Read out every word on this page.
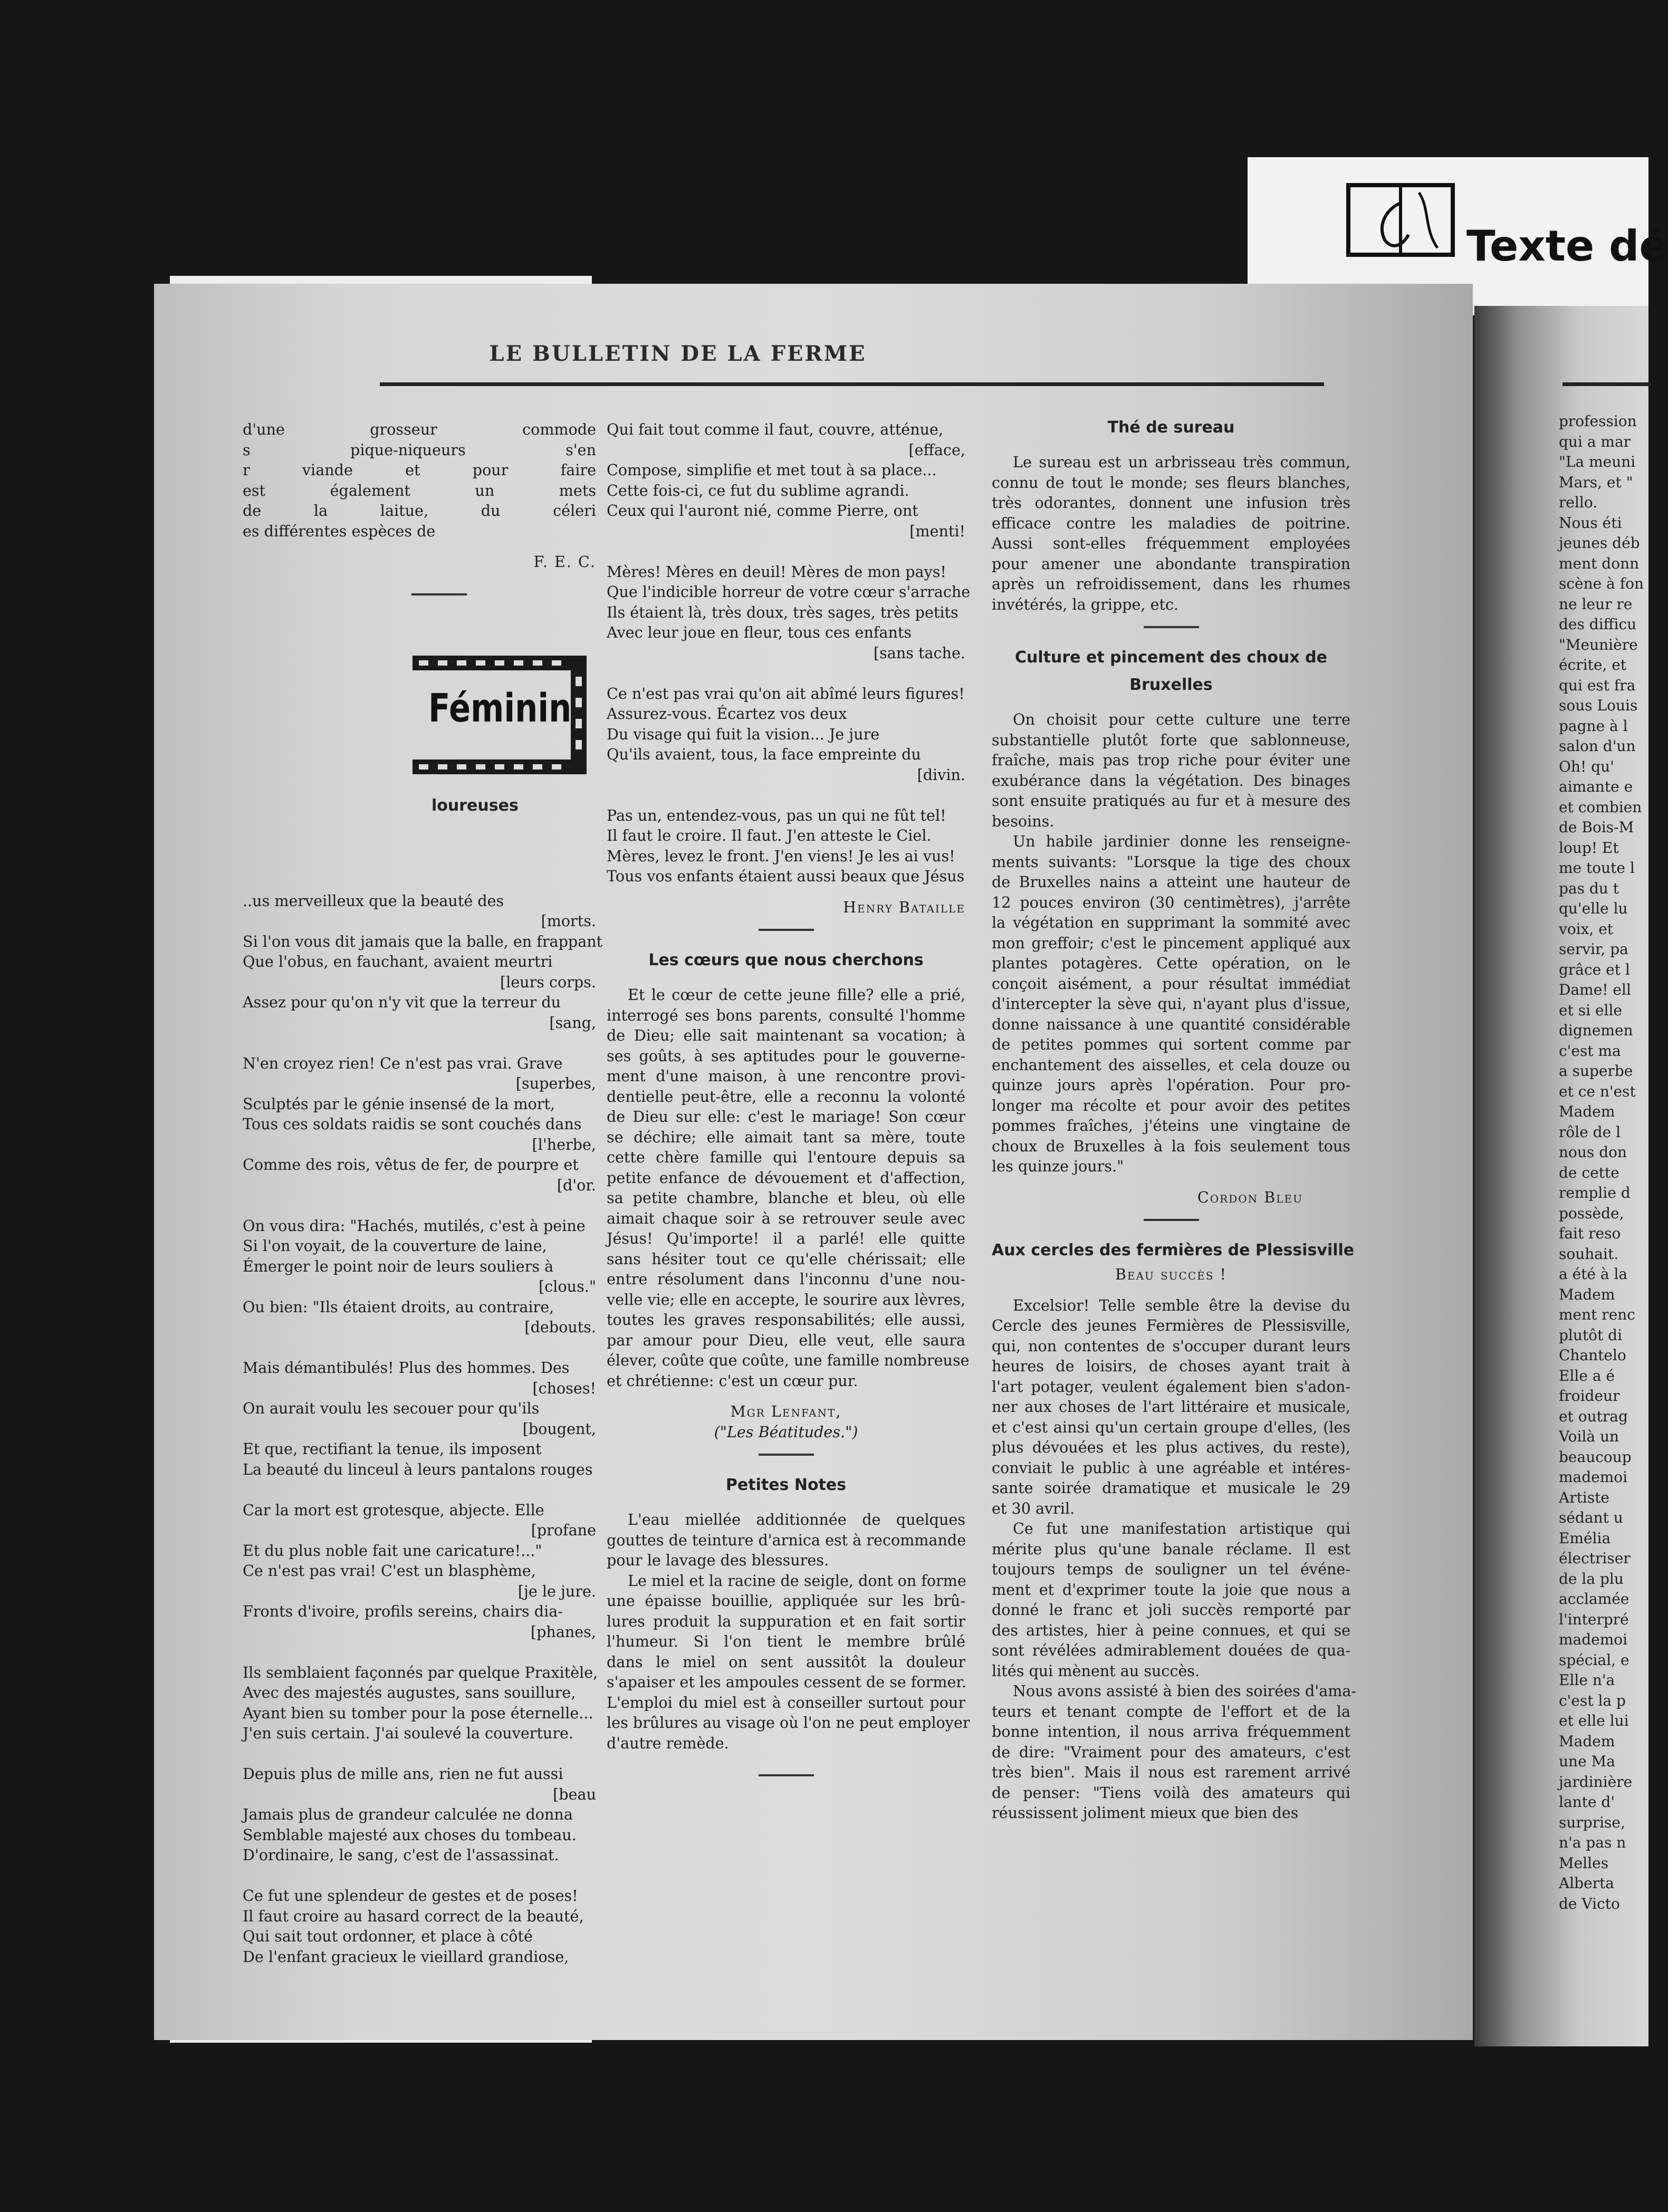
Texte dé
LE BULLETIN DE LA FERME
d'une grosseur commode
s pique-niqueurs s'en
r viande et pour faire
est également un mets
de la laitue, du céleri
es différentes espèces de
F. E. C.
..us merveilleux que la beauté des
[morts.
Si l'on vous dit jamais que la balle, en frappant
Que l'obus, en fauchant, avaient meurtri
[leurs corps.
Assez pour qu'on n'y vit que la terreur du
[sang,
N'en croyez rien! Ce n'est pas vrai. Grave
[superbes,
Sculptés par le génie insensé de la mort,
Tous ces soldats raidis se sont couchés dans
[l'herbe,
Comme des rois, vêtus de fer, de pourpre et
[d'or.
On vous dira: "Hachés, mutilés, c'est à peine
Si l'on voyait, de la couverture de laine,
Émerger le point noir de leurs souliers à
[clous."
Ou bien: "Ils étaient droits, au contraire,
[debouts.
Mais démantibulés! Plus des hommes. Des
[choses!
On aurait voulu les secouer pour qu'ils
[bougent,
Et que, rectifiant la tenue, ils imposent
La beauté du linceul à leurs pantalons rouges
Car la mort est grotesque, abjecte. Elle
[profane
Et du plus noble fait une caricature!..."
Ce n'est pas vrai! C'est un blasphème,
[je le jure.
Fronts d'ivoire, profils sereins, chairs dia-
[phanes,
Ils semblaient façonnés par quelque Praxitèle,
Avec des majestés augustes, sans souillure,
Ayant bien su tomber pour la pose éternelle...
J'en suis certain. J'ai soulevé la couverture.
Depuis plus de mille ans, rien ne fut aussi
[beau
Jamais plus de grandeur calculée ne donna
Semblable majesté aux choses du tombeau.
D'ordinaire, le sang, c'est de l'assassinat.
Ce fut une splendeur de gestes et de poses!
Il faut croire au hasard correct de la beauté,
Qui sait tout ordonner, et place à côté
De l'enfant gracieux le vieillard grandiose,
Féminin
loureuses
Qui fait tout comme il faut, couvre, atténue,
[efface,
Compose, simplifie et met tout à sa place...
Cette fois-ci, ce fut du sublime agrandi.
Ceux qui l'auront nié, comme Pierre, ont
[menti!
Mères! Mères en deuil! Mères de mon pays!
Que l'indicible horreur de votre cœur s'arrache
Ils étaient là, très doux, très sages, très petits
Avec leur joue en fleur, tous ces enfants
[sans tache.
Ce n'est pas vrai qu'on ait abîmé leurs figures!
Assurez-vous. Écartez vos deux
Du visage qui fuit la vision... Je jure
Qu'ils avaient, tous, la face empreinte du
[divin.
Pas un, entendez-vous, pas un qui ne fût tel!
Il faut le croire. Il faut. J'en atteste le Ciel.
Mères, levez le front. J'en viens! Je les ai vus!
Tous vos enfants étaient aussi beaux que Jésus
Henry Bataille
Les cœurs que nous cherchons
Et le cœur de cette jeune fille? elle a prié,
interrogé ses bons parents, consulté l'homme
de Dieu; elle sait maintenant sa vocation; à
ses goûts, à ses aptitudes pour le gouverne-
ment d'une maison, à une rencontre provi-
dentielle peut-être, elle a reconnu la volonté
de Dieu sur elle: c'est le mariage! Son cœur
se déchire; elle aimait tant sa mère, toute
cette chère famille qui l'entoure depuis sa
petite enfance de dévouement et d'affection,
sa petite chambre, blanche et bleu, où elle
aimait chaque soir à se retrouver seule avec
Jésus! Qu'importe! il a parlé! elle quitte
sans hésiter tout ce qu'elle chérissait; elle
entre résolument dans l'inconnu d'une nou-
velle vie; elle en accepte, le sourire aux lèvres,
toutes les graves responsabilités; elle aussi,
par amour pour Dieu, elle veut, elle saura
élever, coûte que coûte, une famille nombreuse
et chrétienne: c'est un cœur pur.
Mgr Lenfant,
("Les Béatitudes.")
Petites Notes
L'eau miellée additionnée de quelques
gouttes de teinture d'arnica est à recommande
pour le lavage des blessures.
Le miel et la racine de seigle, dont on forme
une épaisse bouillie, appliquée sur les brû-
lures produit la suppuration et en fait sortir
l'humeur. Si l'on tient le membre brûlé
dans le miel on sent aussitôt la douleur
s'apaiser et les ampoules cessent de se former.
L'emploi du miel est à conseiller surtout pour
les brûlures au visage où l'on ne peut employer
d'autre remède.
Thé de sureau
Le sureau est un arbrisseau très commun,
connu de tout le monde; ses fleurs blanches,
très odorantes, donnent une infusion très
efficace contre les maladies de poitrine.
Aussi sont-elles fréquemment employées
pour amener une abondante transpiration
après un refroidissement, dans les rhumes
invétérés, la grippe, etc.
Culture et pincement des choux de
Bruxelles
On choisit pour cette culture une terre
substantielle plutôt forte que sablonneuse,
fraîche, mais pas trop riche pour éviter une
exubérance dans la végétation. Des binages
sont ensuite pratiqués au fur et à mesure des
besoins.
Un habile jardinier donne les renseigne-
ments suivants: "Lorsque la tige des choux
de Bruxelles nains a atteint une hauteur de
12 pouces environ (30 centimètres), j'arrête
la végétation en supprimant la sommité avec
mon greffoir; c'est le pincement appliqué aux
plantes potagères. Cette opération, on le
conçoit aisément, a pour résultat immédiat
d'intercepter la sève qui, n'ayant plus d'issue,
donne naissance à une quantité considérable
de petites pommes qui sortent comme par
enchantement des aisselles, et cela douze ou
quinze jours après l'opération. Pour pro-
longer ma récolte et pour avoir des petites
pommes fraîches, j'éteins une vingtaine de
choux de Bruxelles à la fois seulement tous
les quinze jours."
Cordon Bleu
Aux cercles des fermières de Plessisville
Beau succès !
Excelsior! Telle semble être la devise du
Cercle des jeunes Fermières de Plessisville,
qui, non contentes de s'occuper durant leurs
heures de loisirs, de choses ayant trait à
l'art potager, veulent également bien s'adon-
ner aux choses de l'art littéraire et musicale,
et c'est ainsi qu'un certain groupe d'elles, (les
plus dévouées et les plus actives, du reste),
conviait le public à une agréable et intéres-
sante soirée dramatique et musicale le 29
et 30 avril.
Ce fut une manifestation artistique qui
mérite plus qu'une banale réclame. Il est
toujours temps de souligner un tel événe-
ment et d'exprimer toute la joie que nous a
donné le franc et joli succès remporté par
des artistes, hier à peine connues, et qui se
sont révélées admirablement douées de qua-
lités qui mènent au succès.
Nous avons assisté à bien des soirées d'ama-
teurs et tenant compte de l'effort et de la
bonne intention, il nous arriva fréquemment
de dire: "Vraiment pour des amateurs, c'est
très bien". Mais il nous est rarement arrivé
de penser: "Tiens voilà des amateurs qui
réussissent joliment mieux que bien des
profession
qui a mar
"La meuni
Mars, et "
rello.
Nous éti
jeunes déb
ment donn
scène à fon
ne leur re
des difficu
"Meunière
écrite, et
qui est fra
sous Louis
pagne à l
salon d'un
Oh! qu'
aimante e
et combien
de Bois-M
loup! Et
me toute l
pas du t
qu'elle lu
voix, et
servir, pa
grâce et l
Dame! ell
et si elle
dignemen
c'est ma
a superbe
et ce n'est
Madem
rôle de l
nous don
de cette
remplie d
possède,
fait reso
souhait.
a été à la
Madem
ment renc
plutôt di
Chantelo
Elle a é
froideur
et outrag
Voilà un
beaucoup
mademoi
Artiste
sédant u
Emélia
électriser
de la plu
acclamée
l'interpré
mademoi
spécial, e
Elle n'a
c'est la p
et elle lui
Madem
une Ma
jardinière
lante d'
surprise,
n'a pas n
Melles
Alberta
de Victo
